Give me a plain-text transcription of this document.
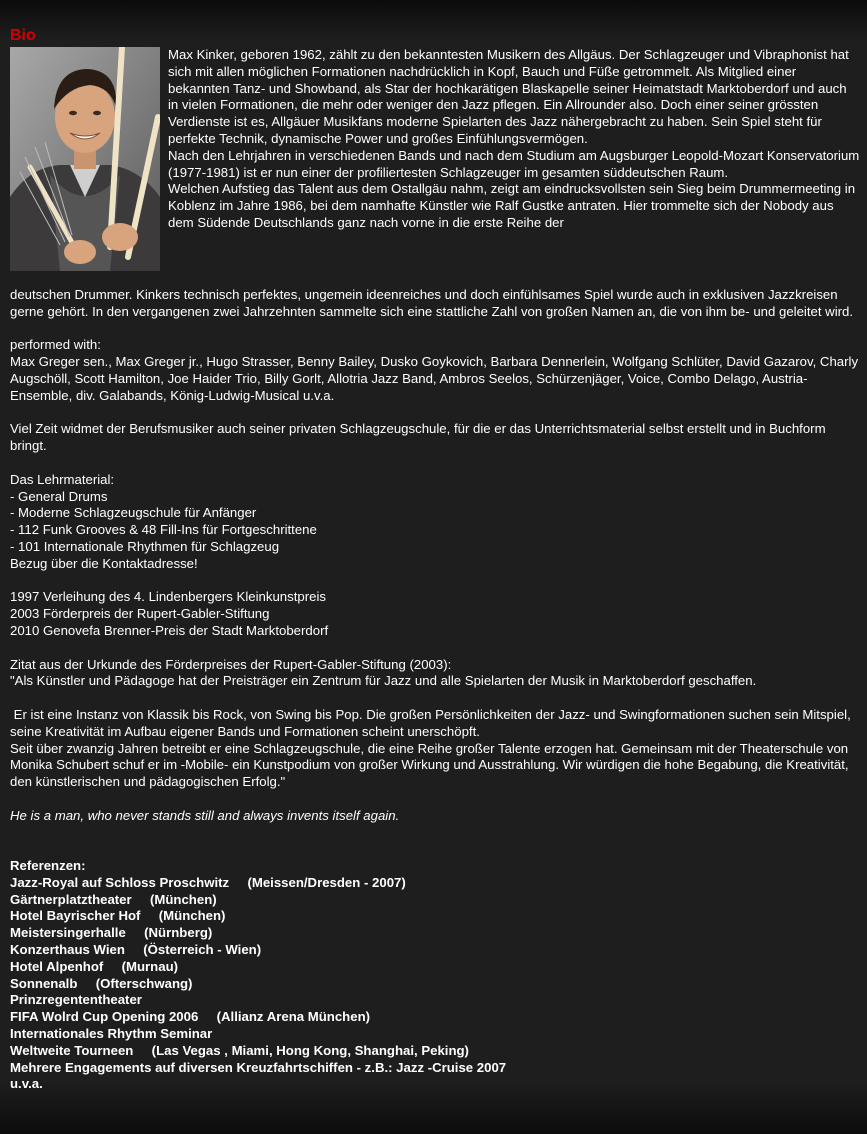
Bio

Max Kinker, geboren 1962, zählt zu den bekanntesten Musikern des Allgäus. Der Schlagzeuger und Vibraphonist hat sich mit allen möglichen Formationen nachdrücklich in Kopf, Bauch und Füße getrommelt. Als Mitglied einer bekannten Tanz- und Showband, als Star der hochkarätigen Blaskapelle seiner Heimatstadt Marktoberdorf und auch in vielen Formationen, die mehr oder weniger den Jazz pflegen. Ein Allrounder also. Doch einer seiner grössten Verdienste ist es, Allgäuer Musikfans moderne Spielarten des Jazz nähergebracht zu haben. Sein Spiel steht für perfekte Technik, dynamische Power und großes Einfühlungsvermögen.

Nach den Lehrjahren in verschiedenen Bands und nach dem Studium am Augsburger Leopold-Mozart Konservatorium (1977-1981) ist er nun einer der profiliertesten Schlagzeuger im gesamten süddeutschen Raum.

Welchen Aufstieg das Talent aus dem Ostallgäu nahm, zeigt am eindrucksvollsten sein Sieg beim Drummermeeting in Koblenz im Jahre 1986, bei dem namhafte Künstler wie Ralf Gustke antraten. Hier trommelte sich der Nobody aus dem Südende Deutschlands ganz nach vorne in die erste Reihe der

deutschen Drummer. Kinkers technisch perfektes, ungemein ideenreiches und doch einfühlsames Spiel wurde auch in exklusiven Jazzkreisen gerne gehört. In den vergangenen zwei Jahrzehnten sammelte sich eine stattliche Zahl von großen Namen an, die von ihm be- und geleitet wird.

performed with:

Max Greger sen., Max Greger jr., Hugo Strasser, Benny Bailey, Dusko Goykovich, Barbara Dennerlein, Wolfgang Schlüter, David Gazarov, Charly Augschöll, Scott Hamilton, Joe Haider Trio, Billy Gorlt, Allotria Jazz Band, Ambros Seelos, Schürzenjäger, Voice, Combo Delago, Austria-Ensemble, div. Galabands, König-Ludwig-Musical u.v.a.

Viel Zeit widmet der Berufsmusiker auch seiner privaten Schlagzeugschule, für die er das Unterrichtsmaterial selbst erstellt und in Buchform bringt.

Das Lehrmaterial:

- General Drums

- Moderne Schlagzeugschule für Anfänger

- 112 Funk Grooves & 48 Fill-Ins für Fortgeschrittene

- 101 Internationale Rhythmen für Schlagzeug

Bezug über die Kontaktadresse!

1997 Verleihung des 4. Lindenbergers Kleinkunstpreis

2003 Förderpreis der Rupert-Gabler-Stiftung

2010 Genovefa Brenner-Preis der Stadt Marktoberdorf

Zitat aus der Urkunde des Förderpreises der Rupert-Gabler-Stiftung (2003):

"Als Künstler und Pädagoge hat der Preisträger ein Zentrum für Jazz und alle Spielarten der Musik in Marktoberdorf geschaffen.

Er ist eine Instanz von Klassik bis Rock, von Swing bis Pop. Die großen Persönlichkeiten der Jazz- und Swingformationen suchen sein Mitspiel, seine Kreativität im Aufbau eigener Bands und Formationen scheint unerschöpft.

Seit über zwanzig Jahren betreibt er eine Schlagzeugschule, die eine Reihe großer Talente erzogen hat. Gemeinsam mit der Theaterschule von Monika Schubert schuf er im -Mobile- ein Kunstpodium von großer Wirkung und Ausstrahlung. Wir würdigen die hohe Begabung, die Kreativität, den künstlerischen und pädagogischen Erfolg."

He is a man, who never stands still and always invents itself again.

Referenzen:

Jazz-Royal auf Schloss Proschwitz (Meissen/Dresden - 2007)
Gärtnerplatztheater (München)
Hotel Bayrischer Hof (München)
Meistersingerhalle (Nürnberg)
Konzerthaus Wien (Österreich - Wien)
Hotel Alpenhof (Murnau)
Sonnenalb (Ofterschwang)
Prinzregententheater
FIFA Wolrd Cup Opening 2006 (Allianz Arena München)
Internationales Rhythm Seminar
Weltweite Tourneen (Las Vegas , Miami, Hong Kong, Shanghai, Peking)
Mehrere Engagements auf diversen Kreuzfahrtschiffen - z.B.: Jazz -Cruise 2007
u.v.a.
